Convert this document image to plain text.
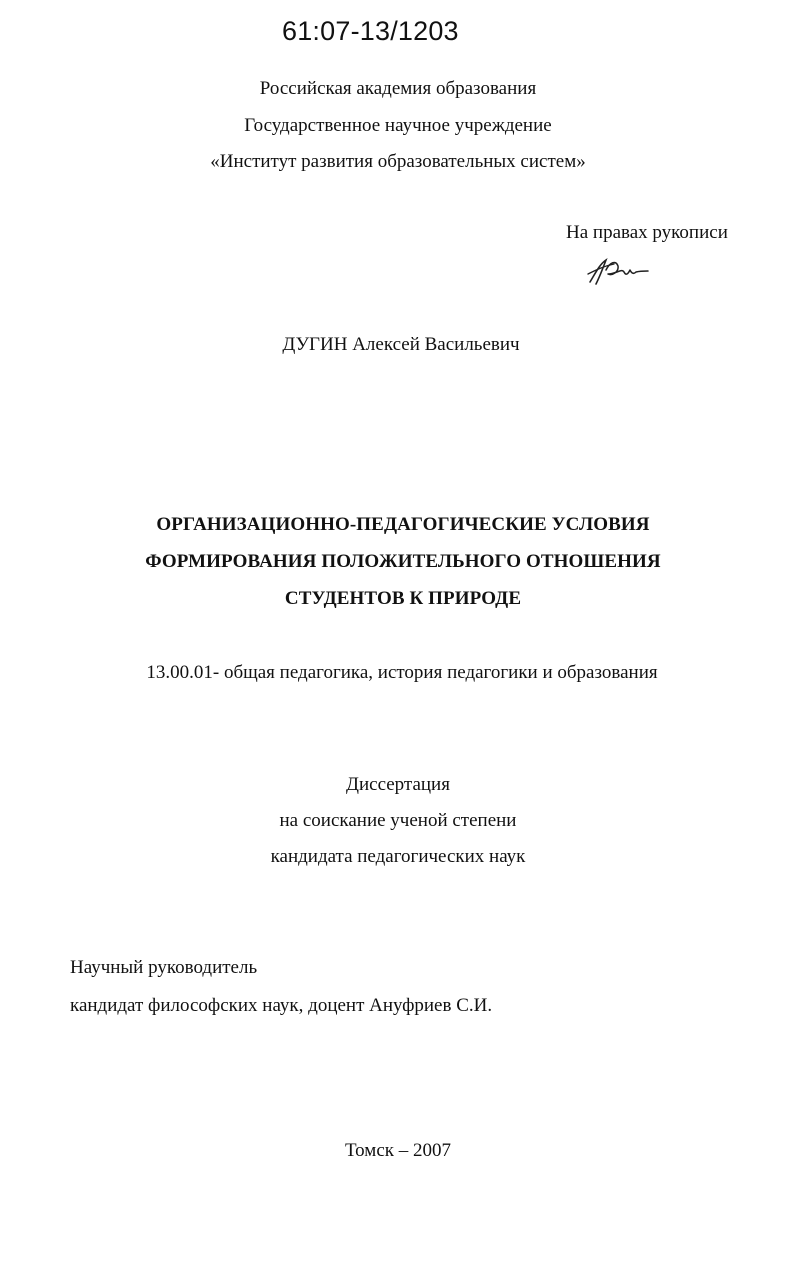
61:07-13/1203
Российская академия образования
Государственное научное учреждение
«Институт развития образовательных систем»
На правах рукописи
ДУГИН Алексей Васильевич
ОРГАНИЗАЦИОННО-ПЕДАГОГИЧЕСКИЕ УСЛОВИЯ
ФОРМИРОВАНИЯ ПОЛОЖИТЕЛЬНОГО ОТНОШЕНИЯ
СТУДЕНТОВ К ПРИРОДЕ
13.00.01- общая педагогика, история педагогики и образования
Диссертация
на соискание ученой степени
кандидата педагогических наук
Научный руководитель
кандидат философских наук, доцент Ануфриев С.И.
Томск – 2007
